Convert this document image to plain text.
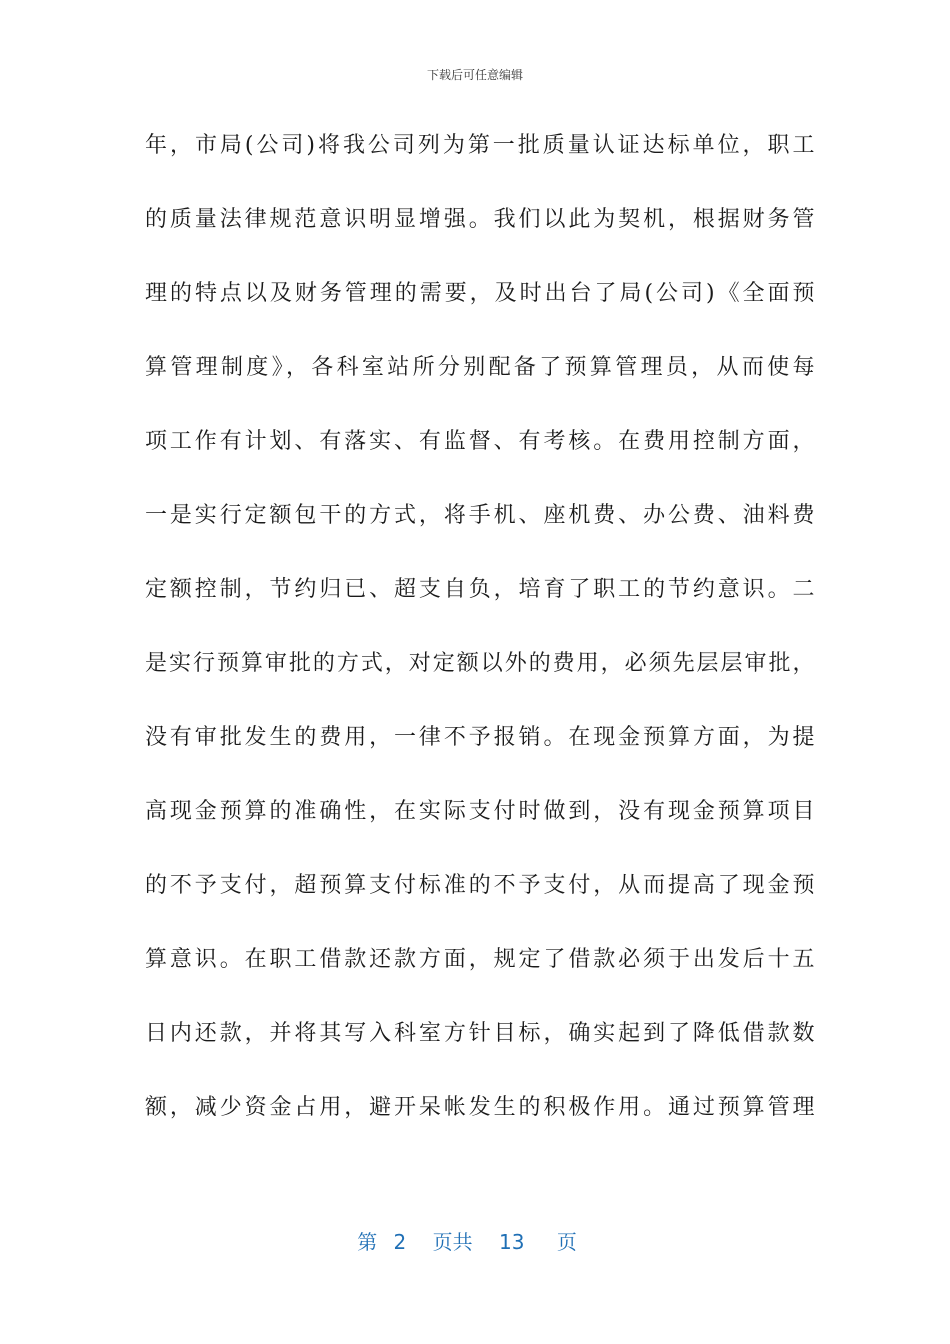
下载后可任意编辑
年，市局(公司)将我公司列为第一批质量认证达标单位，职工
的质量法律规范意识明显增强。我们以此为契机，根据财务管
理的特点以及财务管理的需要，及时出台了局(公司)《全面预
算管理制度》，各科室站所分别配备了预算管理员，从而使每
项工作有计划、有落实、有监督、有考核。在费用控制方面，
一是实行定额包干的方式，将手机、座机费、办公费、油料费
定额控制，节约归已、超支自负，培育了职工的节约意识。二
是实行预算审批的方式，对定额以外的费用，必须先层层审批，
没有审批发生的费用，一律不予报销。在现金预算方面，为提
高现金预算的准确性，在实际支付时做到，没有现金预算项目
的不予支付，超预算支付标准的不予支付，从而提高了现金预
算意识。在职工借款还款方面，规定了借款必须于出发后十五
日内还款，并将其写入科室方针目标，确实起到了降低借款数
额，减少资金占用，避开呆帐发生的积极作用。通过预算管理
第 2 页共 13 页
